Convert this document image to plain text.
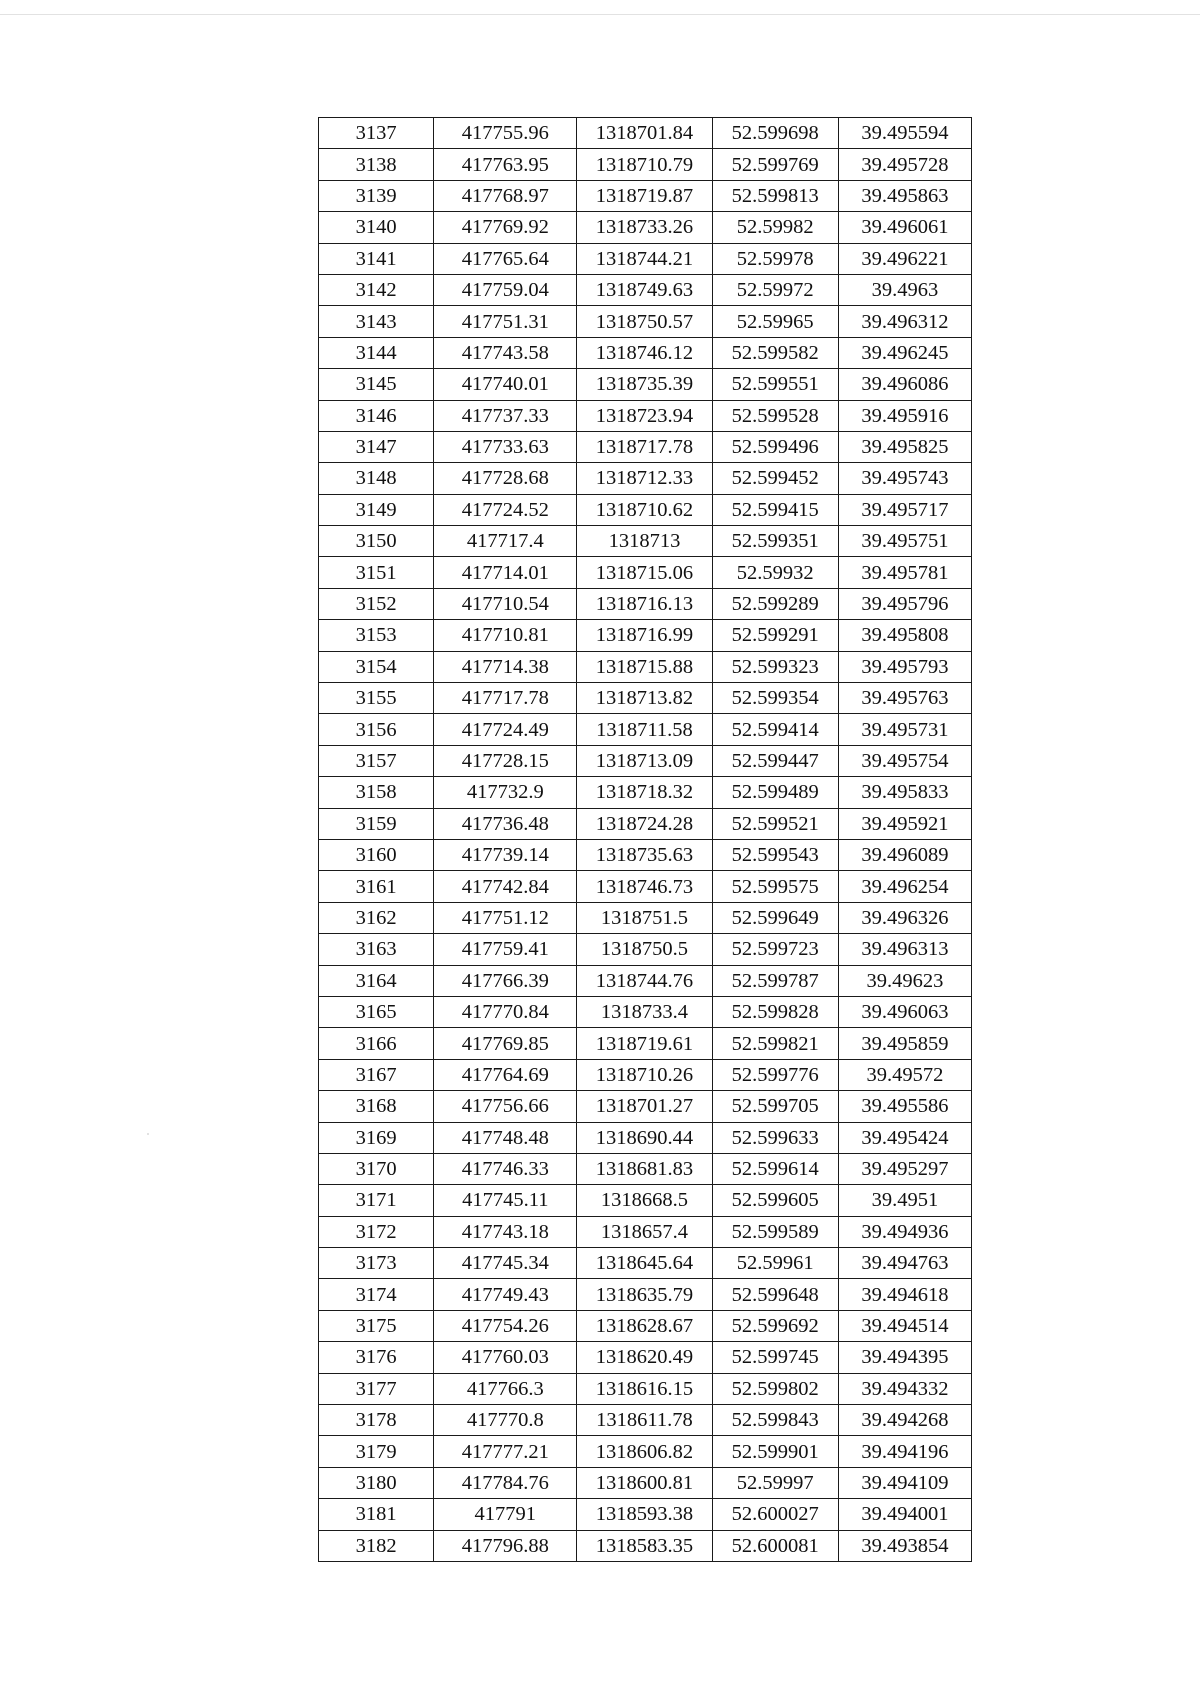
3137	417755.96	1318701.84	52.599698	39.495594
3138	417763.95	1318710.79	52.599769	39.495728
3139	417768.97	1318719.87	52.599813	39.495863
3140	417769.92	1318733.26	52.59982	39.496061
3141	417765.64	1318744.21	52.59978	39.496221
3142	417759.04	1318749.63	52.59972	39.4963
3143	417751.31	1318750.57	52.59965	39.496312
3144	417743.58	1318746.12	52.599582	39.496245
3145	417740.01	1318735.39	52.599551	39.496086
3146	417737.33	1318723.94	52.599528	39.495916
3147	417733.63	1318717.78	52.599496	39.495825
3148	417728.68	1318712.33	52.599452	39.495743
3149	417724.52	1318710.62	52.599415	39.495717
3150	417717.4	1318713	52.599351	39.495751
3151	417714.01	1318715.06	52.59932	39.495781
3152	417710.54	1318716.13	52.599289	39.495796
3153	417710.81	1318716.99	52.599291	39.495808
3154	417714.38	1318715.88	52.599323	39.495793
3155	417717.78	1318713.82	52.599354	39.495763
3156	417724.49	1318711.58	52.599414	39.495731
3157	417728.15	1318713.09	52.599447	39.495754
3158	417732.9	1318718.32	52.599489	39.495833
3159	417736.48	1318724.28	52.599521	39.495921
3160	417739.14	1318735.63	52.599543	39.496089
3161	417742.84	1318746.73	52.599575	39.496254
3162	417751.12	1318751.5	52.599649	39.496326
3163	417759.41	1318750.5	52.599723	39.496313
3164	417766.39	1318744.76	52.599787	39.49623
3165	417770.84	1318733.4	52.599828	39.496063
3166	417769.85	1318719.61	52.599821	39.495859
3167	417764.69	1318710.26	52.599776	39.49572
3168	417756.66	1318701.27	52.599705	39.495586
3169	417748.48	1318690.44	52.599633	39.495424
3170	417746.33	1318681.83	52.599614	39.495297
3171	417745.11	1318668.5	52.599605	39.4951
3172	417743.18	1318657.4	52.599589	39.494936
3173	417745.34	1318645.64	52.59961	39.494763
3174	417749.43	1318635.79	52.599648	39.494618
3175	417754.26	1318628.67	52.599692	39.494514
3176	417760.03	1318620.49	52.599745	39.494395
3177	417766.3	1318616.15	52.599802	39.494332
3178	417770.8	1318611.78	52.599843	39.494268
3179	417777.21	1318606.82	52.599901	39.494196
3180	417784.76	1318600.81	52.59997	39.494109
3181	417791	1318593.38	52.600027	39.494001
3182	417796.88	1318583.35	52.600081	39.493854
